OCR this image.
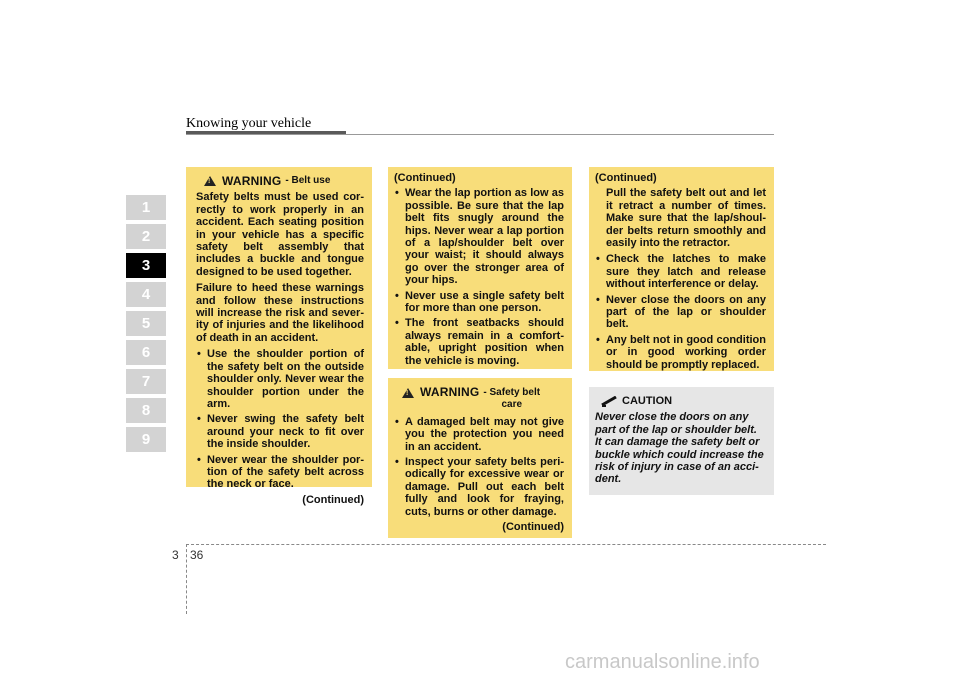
Knowing your vehicle
1
2
3
4
5
6
7
8
9
! WARNING - Belt use

Safety belts must be used cor-rectly to work properly in an accident. Each seating position in your vehicle has a specific safety belt assembly that includes a buckle and tongue designed to be used together.

Failure to heed these warnings and follow these instructions will increase the risk and sever-ity of injuries and the likelihood of death in an accident.

• Use the shoulder portion of the safety belt on the outside shoulder only. Never wear the shoulder portion under the arm.
• Never swing the safety belt around your neck to fit over the inside shoulder.
• Never wear the shoulder por-tion of the safety belt across the neck or face.
(Continued)
(Continued)
• Wear the lap portion as low as possible. Be sure that the lap belt fits snugly around the hips. Never wear a lap portion of a lap/shoulder belt over your waist; it should always go over the stronger area of your hips.
• Never use a single safety belt for more than one person.
• The front seatbacks should always remain in a comfort-able, upright position when the vehicle is moving.
! WARNING - Safety belt
care
• A damaged belt may not give you the protection you need in an accident.
• Inspect your safety belts peri-odically for excessive wear or damage. Pull out each belt fully and look for fraying, cuts, burns or other damage.
(Continued)
(Continued)

Pull the safety belt out and let it retract a number of times. Make sure that the lap/shoul-der belts return smoothly and easily into the retractor.

• Check the latches to make sure they latch and release without interference or delay.
• Never close the doors on any part of the lap or shoulder belt.
• Any belt not in good condition or in good working order should be promptly replaced.
CAUTION
Never close the doors on any part of the lap or shoulder belt. It can damage the safety belt or buckle which could increase the risk of injury in case of an acci-dent.
3 36
carmanualsonline.info
